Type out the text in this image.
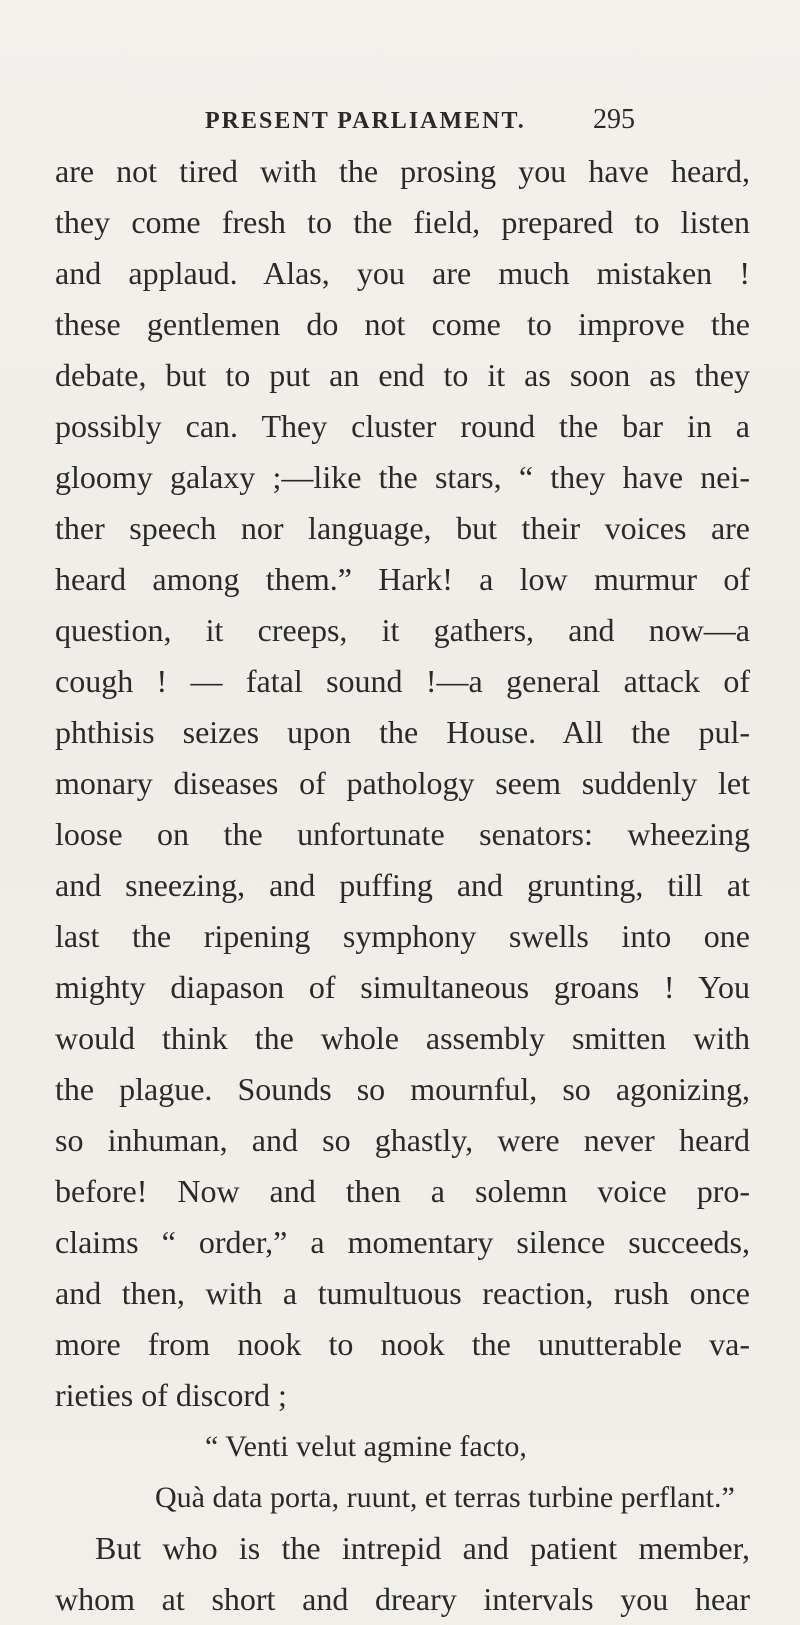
PRESENT PARLIAMENT. 295
are not tired with the prosing you have heard,
they come fresh to the field, prepared to listen
and applaud. Alas, you are much mistaken !
these gentlemen do not come to improve the
debate, but to put an end to it as soon as they
possibly can. They cluster round the bar in a
gloomy galaxy ;—like the stars, “ they have nei-
ther speech nor language, but their voices are
heard among them.” Hark! a low murmur of
question, it creeps, it gathers, and now—a
cough ! — fatal sound !—a general attack of
phthisis seizes upon the House. All the pul-
monary diseases of pathology seem suddenly let
loose on the unfortunate senators: wheezing
and sneezing, and puffing and grunting, till at
last the ripening symphony swells into one
mighty diapason of simultaneous groans ! You
would think the whole assembly smitten with
the plague. Sounds so mournful, so agonizing,
so inhuman, and so ghastly, were never heard
before! Now and then a solemn voice pro-
claims “ order,” a momentary silence succeeds,
and then, with a tumultuous reaction, rush once
more from nook to nook the unutterable va-
rieties of discord ;
“ Venti velut agmine facto,
Quà data porta, ruunt, et terras turbine perflant.”
But who is the intrepid and patient member,
whom at short and dreary intervals you hear
